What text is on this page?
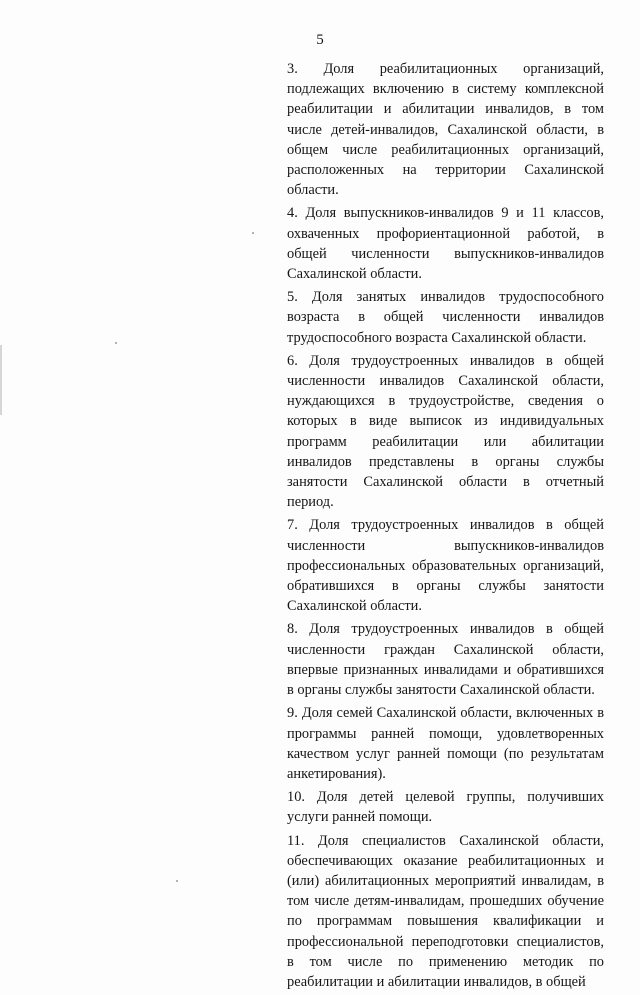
5

3. Доля реабилитационных организаций, подлежащих включению в систему комплексной реабилитации и абилитации инвалидов, в том числе детей-инвалидов, Сахалинской области, в общем числе реабилитационных организаций, расположенных на территории Сахалинской области.

4. Доля выпускников-инвалидов 9 и 11 классов, охваченных профориентационной работой, в общей численности выпускников-инвалидов Сахалинской области.

5. Доля занятых инвалидов трудоспособного возраста в общей численности инвалидов трудоспособного возраста Сахалинской области.

6. Доля трудоустроенных инвалидов в общей численности инвалидов Сахалинской области, нуждающихся в трудоустройстве, сведения о которых в виде выписок из индивидуальных программ реабилитации или абилитации инвалидов представлены в органы службы занятости Сахалинской области в отчетный период.

7. Доля трудоустроенных инвалидов в общей численности выпускников-инвалидов профессиональных образовательных организаций, обратившихся в органы службы занятости Сахалинской области.

8. Доля трудоустроенных инвалидов в общей численности граждан Сахалинской области, впервые признанных инвалидами и обратившихся в органы службы занятости Сахалинской области.

9. Доля семей Сахалинской области, включенных в программы ранней помощи, удовлетворенных качеством услуг ранней помощи (по результатам анкетирования).

10. Доля детей целевой группы, получивших услуги ранней помощи.

11. Доля специалистов Сахалинской области, обеспечивающих оказание реабилитационных и (или) абилитационных мероприятий инвалидам, в том числе детям-инвалидам, прошедших обучение по программам повышения квалификации и профессиональной переподготовки специалистов, в том числе по применению методик по реабилитации и абилитации инвалидов, в общей
